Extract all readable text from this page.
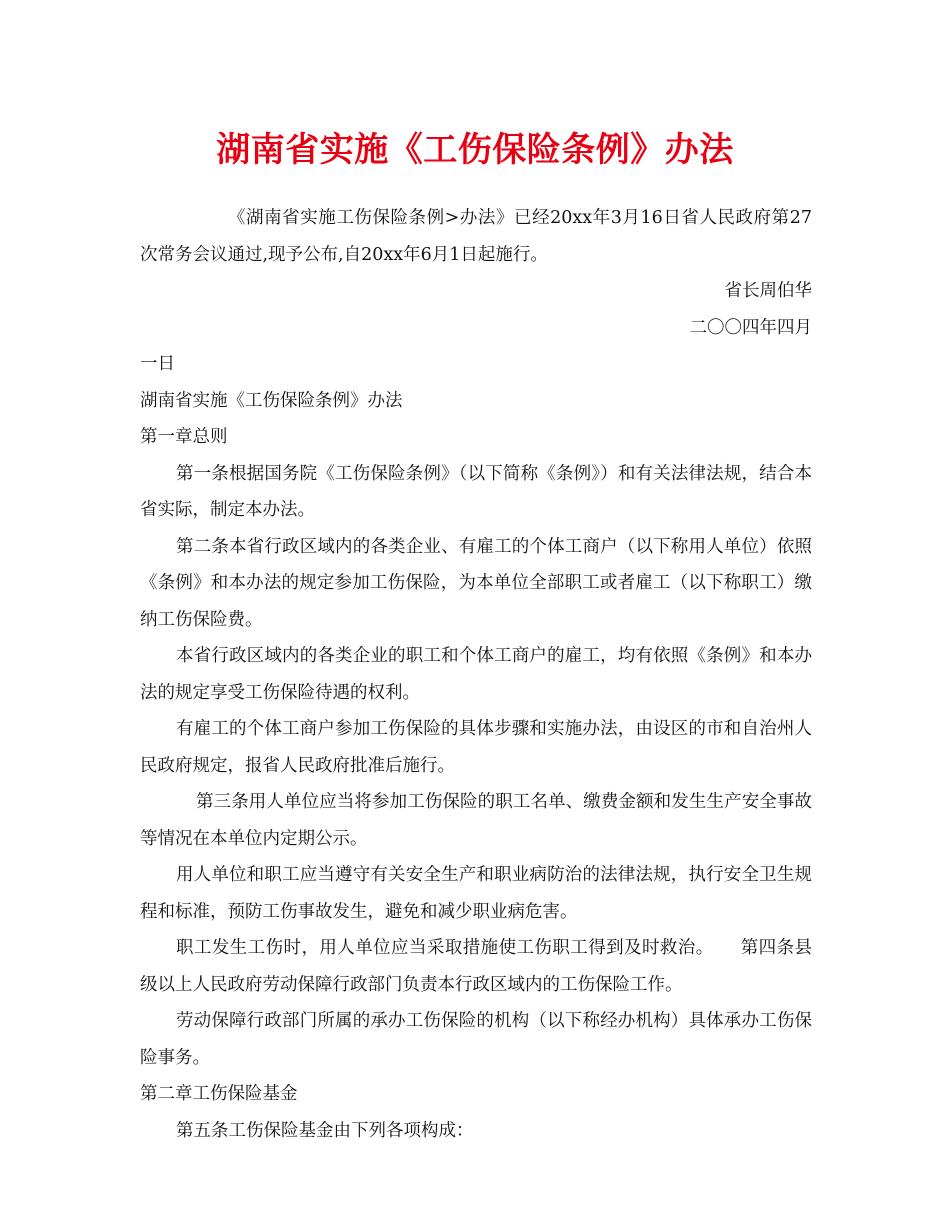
湖南省实施《工伤保险条例》办法

《湖南省实施工伤保险条例>办法》已经20xx年3月16日省人民政府第27次常务会议通过,现予公布,自20xx年6月1日起施行。

省长周伯华

二〇〇四年四月

一日

湖南省实施《工伤保险条例》办法

第一章总则

第一条根据国务院《工伤保险条例》（以下简称《条例》）和有关法律法规，结合本省实际，制定本办法。

第二条本省行政区域内的各类企业、有雇工的个体工商户（以下称用人单位）依照《条例》和本办法的规定参加工伤保险，为本单位全部职工或者雇工（以下称职工）缴纳工伤保险费。

本省行政区域内的各类企业的职工和个体工商户的雇工，均有依照《条例》和本办法的规定享受工伤保险待遇的权利。

有雇工的个体工商户参加工伤保险的具体步骤和实施办法，由设区的市和自治州人民政府规定，报省人民政府批准后施行。

第三条用人单位应当将参加工伤保险的职工名单、缴费金额和发生生产安全事故等情况在本单位内定期公示。

用人单位和职工应当遵守有关安全生产和职业病防治的法律法规，执行安全卫生规程和标准，预防工伤事故发生，避免和减少职业病危害。

职工发生工伤时，用人单位应当采取措施使工伤职工得到及时救治。　　第四条县级以上人民政府劳动保障行政部门负责本行政区域内的工伤保险工作。

劳动保障行政部门所属的承办工伤保险的机构（以下称经办机构）具体承办工伤保险事务。

第二章工伤保险基金

第五条工伤保险基金由下列各项构成：
